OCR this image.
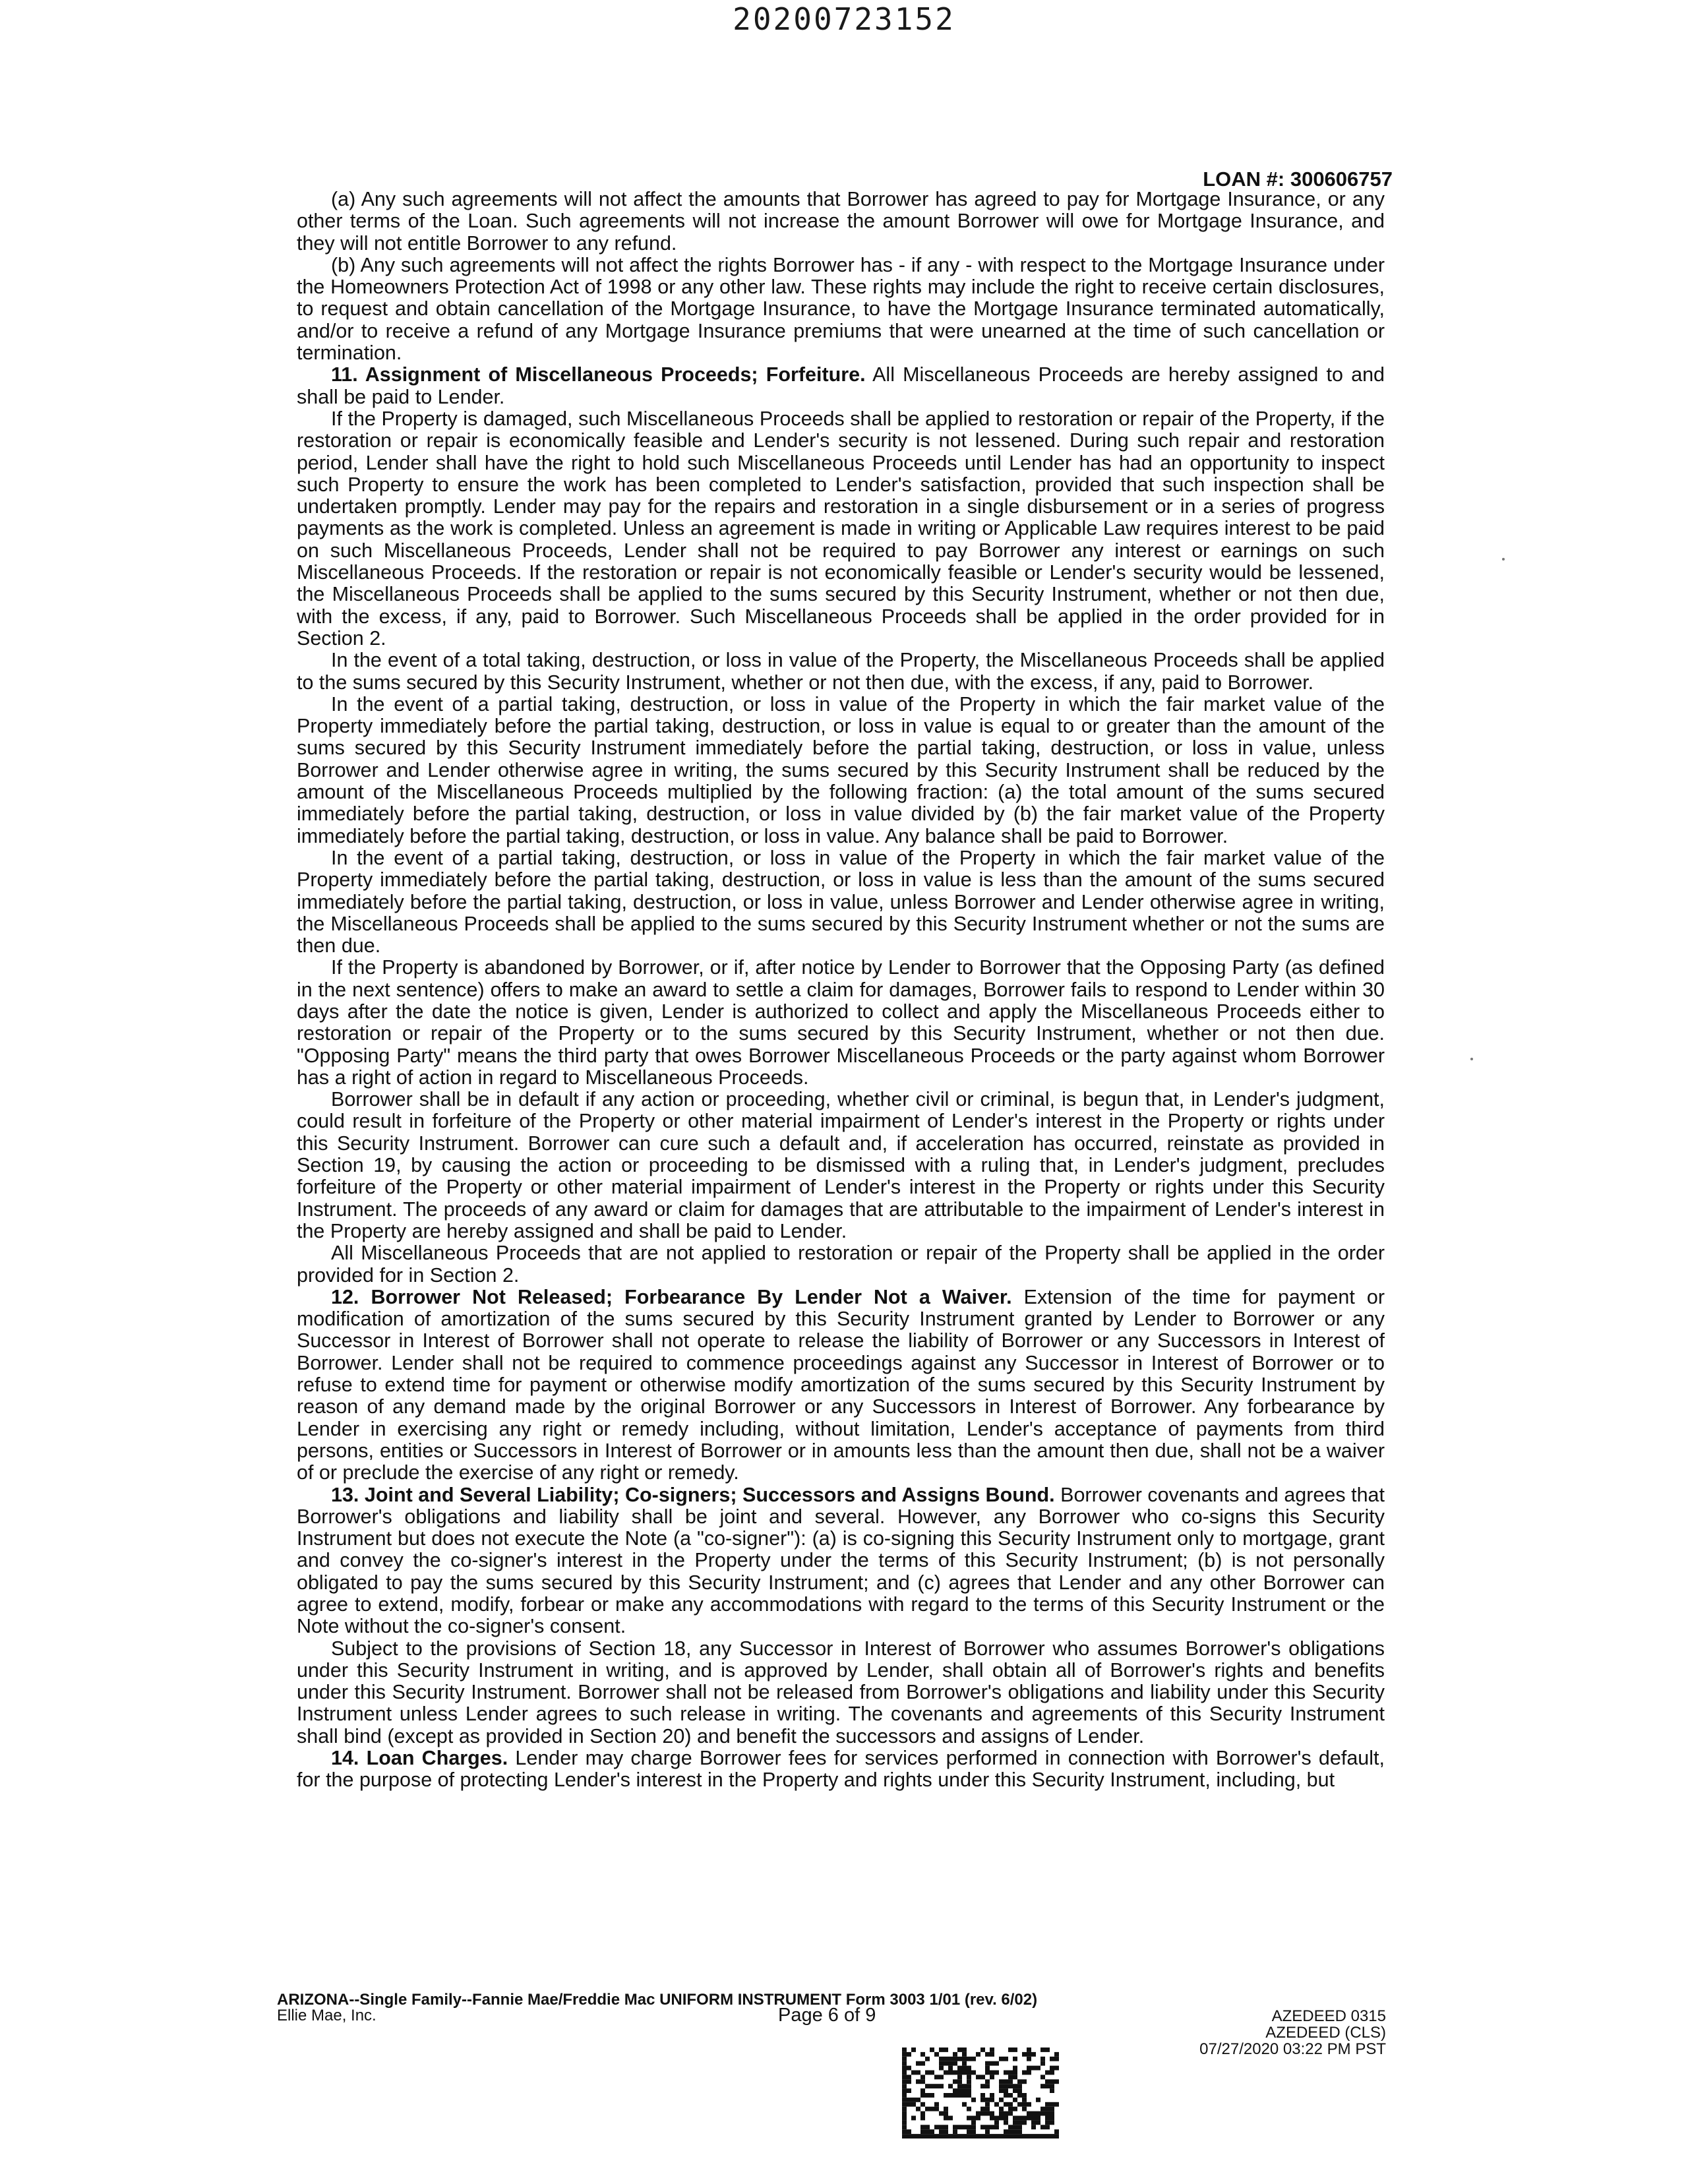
20200723152
LOAN #: 300606757

(a) Any such agreements will not affect the amounts that Borrower has agreed to pay for Mortgage Insurance, or any other terms of the Loan. Such agreements will not increase the amount Borrower will owe for Mortgage Insurance, and they will not entitle Borrower to any refund.

(b) Any such agreements will not affect the rights Borrower has - if any - with respect to the Mortgage Insurance under the Homeowners Protection Act of 1998 or any other law. These rights may include the right to receive certain disclosures, to request and obtain cancellation of the Mortgage Insurance, to have the Mortgage Insurance terminated automatically, and/or to receive a refund of any Mortgage Insurance premiums that were unearned at the time of such cancellation or termination.

11. Assignment of Miscellaneous Proceeds; Forfeiture. All Miscellaneous Proceeds are hereby assigned to and shall be paid to Lender.

If the Property is damaged, such Miscellaneous Proceeds shall be applied to restoration or repair of the Property, if the restoration or repair is economically feasible and Lender's security is not lessened. During such repair and restoration period, Lender shall have the right to hold such Miscellaneous Proceeds until Lender has had an opportunity to inspect such Property to ensure the work has been completed to Lender's satisfaction, provided that such inspection shall be undertaken promptly. Lender may pay for the repairs and restoration in a single disbursement or in a series of progress payments as the work is completed. Unless an agreement is made in writing or Applicable Law requires interest to be paid on such Miscellaneous Proceeds, Lender shall not be required to pay Borrower any interest or earnings on such Miscellaneous Proceeds. If the restoration or repair is not economically feasible or Lender's security would be lessened, the Miscellaneous Proceeds shall be applied to the sums secured by this Security Instrument, whether or not then due, with the excess, if any, paid to Borrower. Such Miscellaneous Proceeds shall be applied in the order provided for in Section 2.

In the event of a total taking, destruction, or loss in value of the Property, the Miscellaneous Proceeds shall be applied to the sums secured by this Security Instrument, whether or not then due, with the excess, if any, paid to Borrower.

In the event of a partial taking, destruction, or loss in value of the Property in which the fair market value of the Property immediately before the partial taking, destruction, or loss in value is equal to or greater than the amount of the sums secured by this Security Instrument immediately before the partial taking, destruction, or loss in value, unless Borrower and Lender otherwise agree in writing, the sums secured by this Security Instrument shall be reduced by the amount of the Miscellaneous Proceeds multiplied by the following fraction: (a) the total amount of the sums secured immediately before the partial taking, destruction, or loss in value divided by (b) the fair market value of the Property immediately before the partial taking, destruction, or loss in value. Any balance shall be paid to Borrower.

In the event of a partial taking, destruction, or loss in value of the Property in which the fair market value of the Property immediately before the partial taking, destruction, or loss in value is less than the amount of the sums secured immediately before the partial taking, destruction, or loss in value, unless Borrower and Lender otherwise agree in writing, the Miscellaneous Proceeds shall be applied to the sums secured by this Security Instrument whether or not the sums are then due.

If the Property is abandoned by Borrower, or if, after notice by Lender to Borrower that the Opposing Party (as defined in the next sentence) offers to make an award to settle a claim for damages, Borrower fails to respond to Lender within 30 days after the date the notice is given, Lender is authorized to collect and apply the Miscellaneous Proceeds either to restoration or repair of the Property or to the sums secured by this Security Instrument, whether or not then due. "Opposing Party" means the third party that owes Borrower Miscellaneous Proceeds or the party against whom Borrower has a right of action in regard to Miscellaneous Proceeds.

Borrower shall be in default if any action or proceeding, whether civil or criminal, is begun that, in Lender's judgment, could result in forfeiture of the Property or other material impairment of Lender's interest in the Property or rights under this Security Instrument. Borrower can cure such a default and, if acceleration has occurred, reinstate as provided in Section 19, by causing the action or proceeding to be dismissed with a ruling that, in Lender's judgment, precludes forfeiture of the Property or other material impairment of Lender's interest in the Property or rights under this Security Instrument. The proceeds of any award or claim for damages that are attributable to the impairment of Lender's interest in the Property are hereby assigned and shall be paid to Lender.

All Miscellaneous Proceeds that are not applied to restoration or repair of the Property shall be applied in the order provided for in Section 2.

12. Borrower Not Released; Forbearance By Lender Not a Waiver. Extension of the time for payment or modification of amortization of the sums secured by this Security Instrument granted by Lender to Borrower or any Successor in Interest of Borrower shall not operate to release the liability of Borrower or any Successors in Interest of Borrower. Lender shall not be required to commence proceedings against any Successor in Interest of Borrower or to refuse to extend time for payment or otherwise modify amortization of the sums secured by this Security Instrument by reason of any demand made by the original Borrower or any Successors in Interest of Borrower. Any forbearance by Lender in exercising any right or remedy including, without limitation, Lender's acceptance of payments from third persons, entities or Successors in Interest of Borrower or in amounts less than the amount then due, shall not be a waiver of or preclude the exercise of any right or remedy.

13. Joint and Several Liability; Co-signers; Successors and Assigns Bound. Borrower covenants and agrees that Borrower's obligations and liability shall be joint and several. However, any Borrower who co-signs this Security Instrument but does not execute the Note (a "co-signer"): (a) is co-signing this Security Instrument only to mortgage, grant and convey the co-signer's interest in the Property under the terms of this Security Instrument; (b) is not personally obligated to pay the sums secured by this Security Instrument; and (c) agrees that Lender and any other Borrower can agree to extend, modify, forbear or make any accommodations with regard to the terms of this Security Instrument or the Note without the co-signer's consent.

Subject to the provisions of Section 18, any Successor in Interest of Borrower who assumes Borrower's obligations under this Security Instrument in writing, and is approved by Lender, shall obtain all of Borrower's rights and benefits under this Security Instrument. Borrower shall not be released from Borrower's obligations and liability under this Security Instrument unless Lender agrees to such release in writing. The covenants and agreements of this Security Instrument shall bind (except as provided in Section 20) and benefit the successors and assigns of Lender.

14. Loan Charges. Lender may charge Borrower fees for services performed in connection with Borrower's default, for the purpose of protecting Lender's interest in the Property and rights under this Security Instrument, including, but

ARIZONA--Single Family--Fannie Mae/Freddie Mac UNIFORM INSTRUMENT Form 3003 1/01 (rev. 6/02)
Ellie Mae, Inc.	Page 6 of 9	AZEDEED 0315
AZEDEED (CLS)
07/27/2020 03:22 PM PST
